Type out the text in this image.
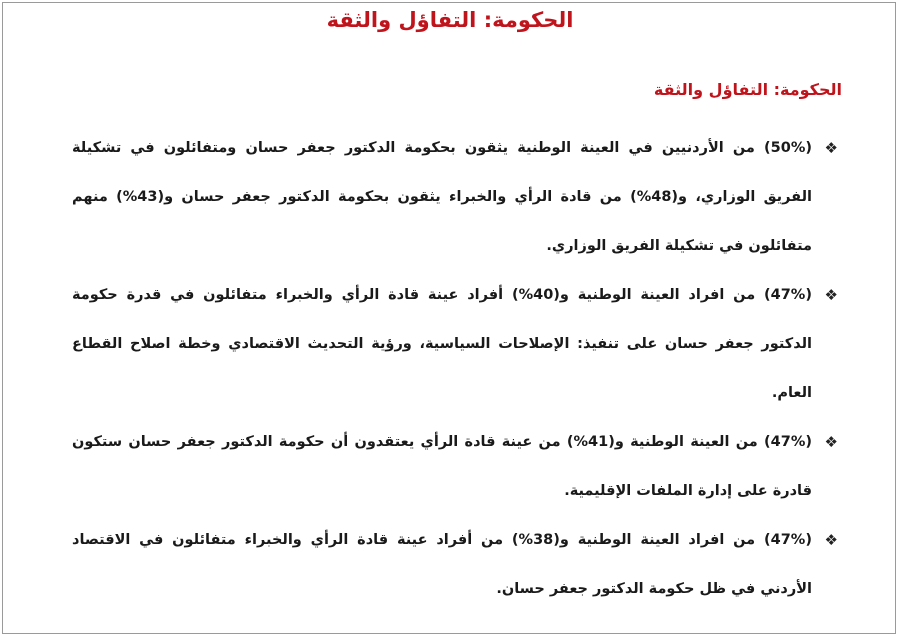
الحكومة: التفاؤل والثقة
الحكومة: التفاؤل والثقة
❖
(50%) من الأردنيين في العينة الوطنية يثقون بحكومة الدكتور جعفر حسان ومتفائلون في تشكيلة الفريق الوزاري، و(48%) من قادة الرأي والخبراء يثقون بحكومة الدكتور جعفر حسان و(43%) منهم متفائلون في تشكيلة الفريق الوزاري.
❖
(47%) من افراد العينة الوطنية و(40%) أفراد عينة قادة الرأي والخبراء متفائلون في قدرة حكومة الدكتور جعفر حسان على تنفيذ: الإصلاحات السياسية، ورؤية التحديث الاقتصادي وخطة اصلاح القطاع العام.
❖
(47%) من العينة الوطنية و(41%) من عينة قادة الرأي يعتقدون أن حكومة الدكتور جعفر حسان ستكون قادرة على إدارة الملفات الإقليمية.
❖
(47%) من افراد العينة الوطنية و(38%) من أفراد عينة قادة الرأي والخبراء متفائلون في الاقتصاد الأردني في ظل حكومة الدكتور جعفر حسان.
